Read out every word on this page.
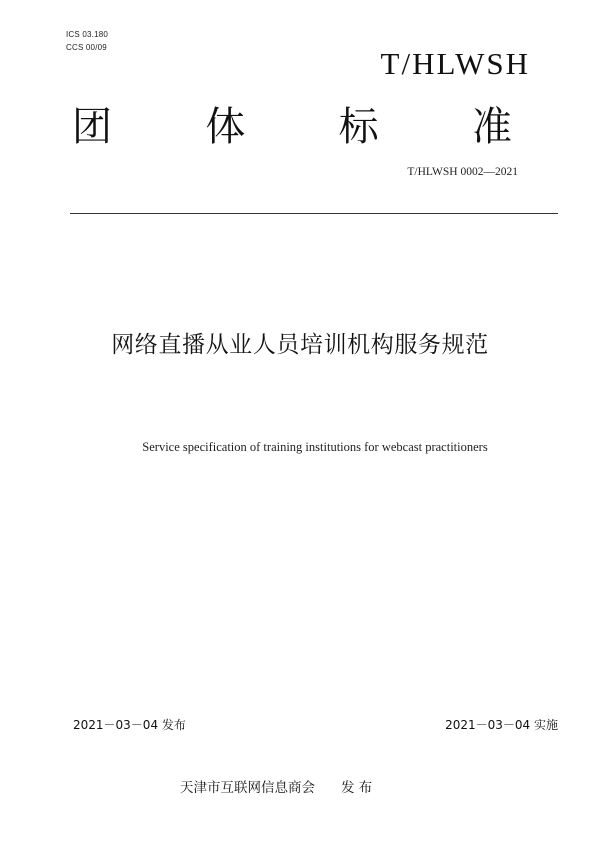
ICS 03.180
CCS 00/09	T/HLWSH
团 体 标 准
T/HLWSH 0002—2021
网络直播从业人员培训机构服务规范
Service specification of training institutions for webcast practitioners
2021－03－04 发布	2021－03－04 实施
天津市互联网信息商会 发 布
